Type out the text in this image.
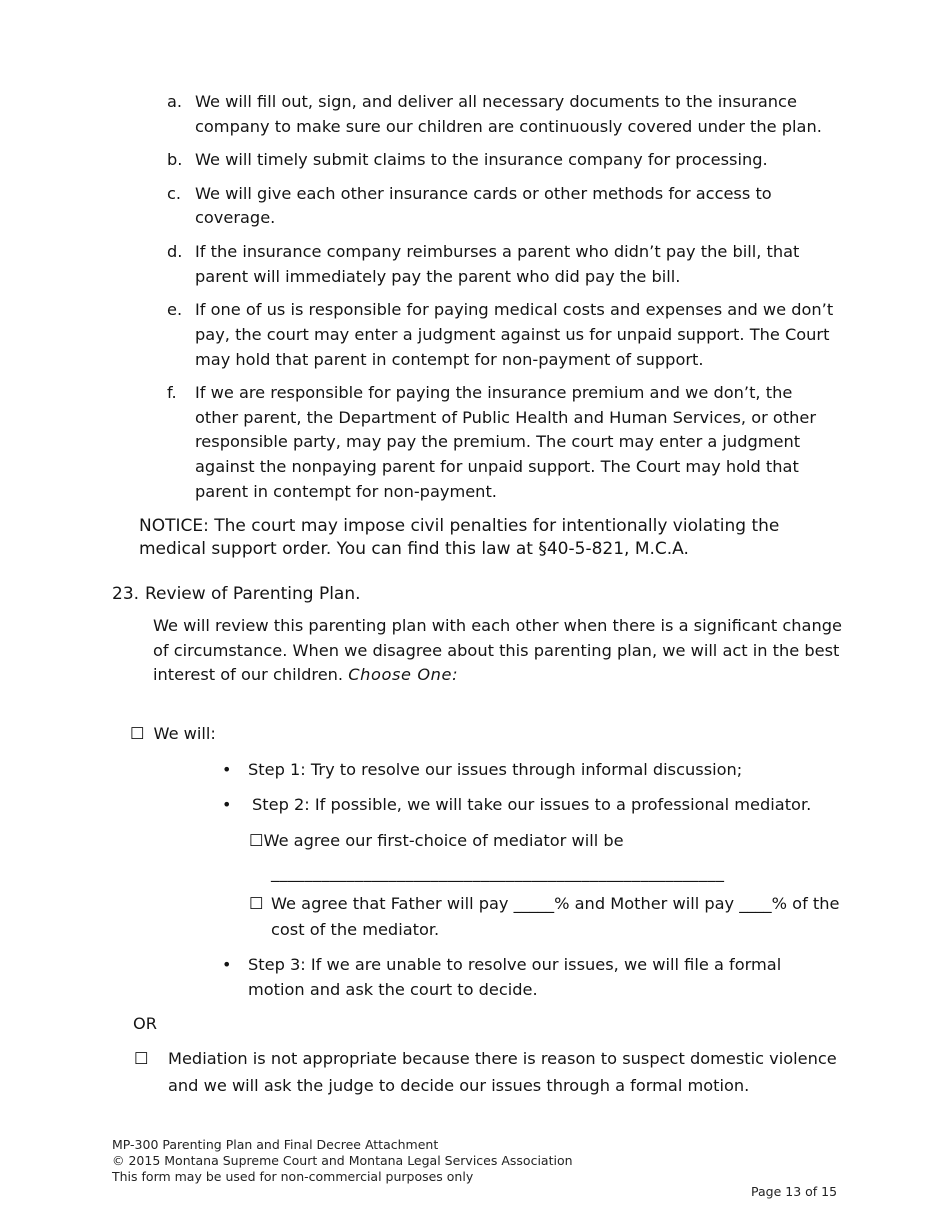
a. We will fill out, sign, and deliver all necessary documents to the insurance company to make sure our children are continuously covered under the plan.
b. We will timely submit claims to the insurance company for processing.
c. We will give each other insurance cards or other methods for access to coverage.
d. If the insurance company reimburses a parent who didn’t pay the bill, that parent will immediately pay the parent who did pay the bill.
e. If one of us is responsible for paying medical costs and expenses and we don’t pay, the court may enter a judgment against us for unpaid support. The Court may hold that parent in contempt for non-payment of support.
f.	If we are responsible for paying the insurance premium and we don’t, the other parent, the Department of Public Health and Human Services, or other responsible party, may pay the premium. The court may enter a judgment against the nonpaying parent for unpaid support. The Court may hold that parent in contempt for non-payment.
NOTICE: The court may impose civil penalties for intentionally violating the medical support order. You can find this law at §40-5-821, M.C.A.
23. Review of Parenting Plan.
We will review this parenting plan with each other when there is a significant change of circumstance. When we disagree about this parenting plan, we will act in the best interest of our children. Choose One:
☐ We will:
•	Step 1: Try to resolve our issues through informal discussion;
•	Step 2: If possible, we will take our issues to a professional mediator.
☐We agree our first-choice of mediator will be
______________________________________________________
☐ We agree that Father will pay _____% and Mother will pay ____% of the cost of the mediator.
•	Step 3: If we are unable to resolve our issues, we will file a formal motion and ask the court to decide.
OR
☐	Mediation is not appropriate because there is reason to suspect domestic violence and we will ask the judge to decide our issues through a formal motion.
MP-300 Parenting Plan and Final Decree Attachment
© 2015 Montana Supreme Court and Montana Legal Services Association
This form may be used for non-commercial purposes only
Page 13 of 15
